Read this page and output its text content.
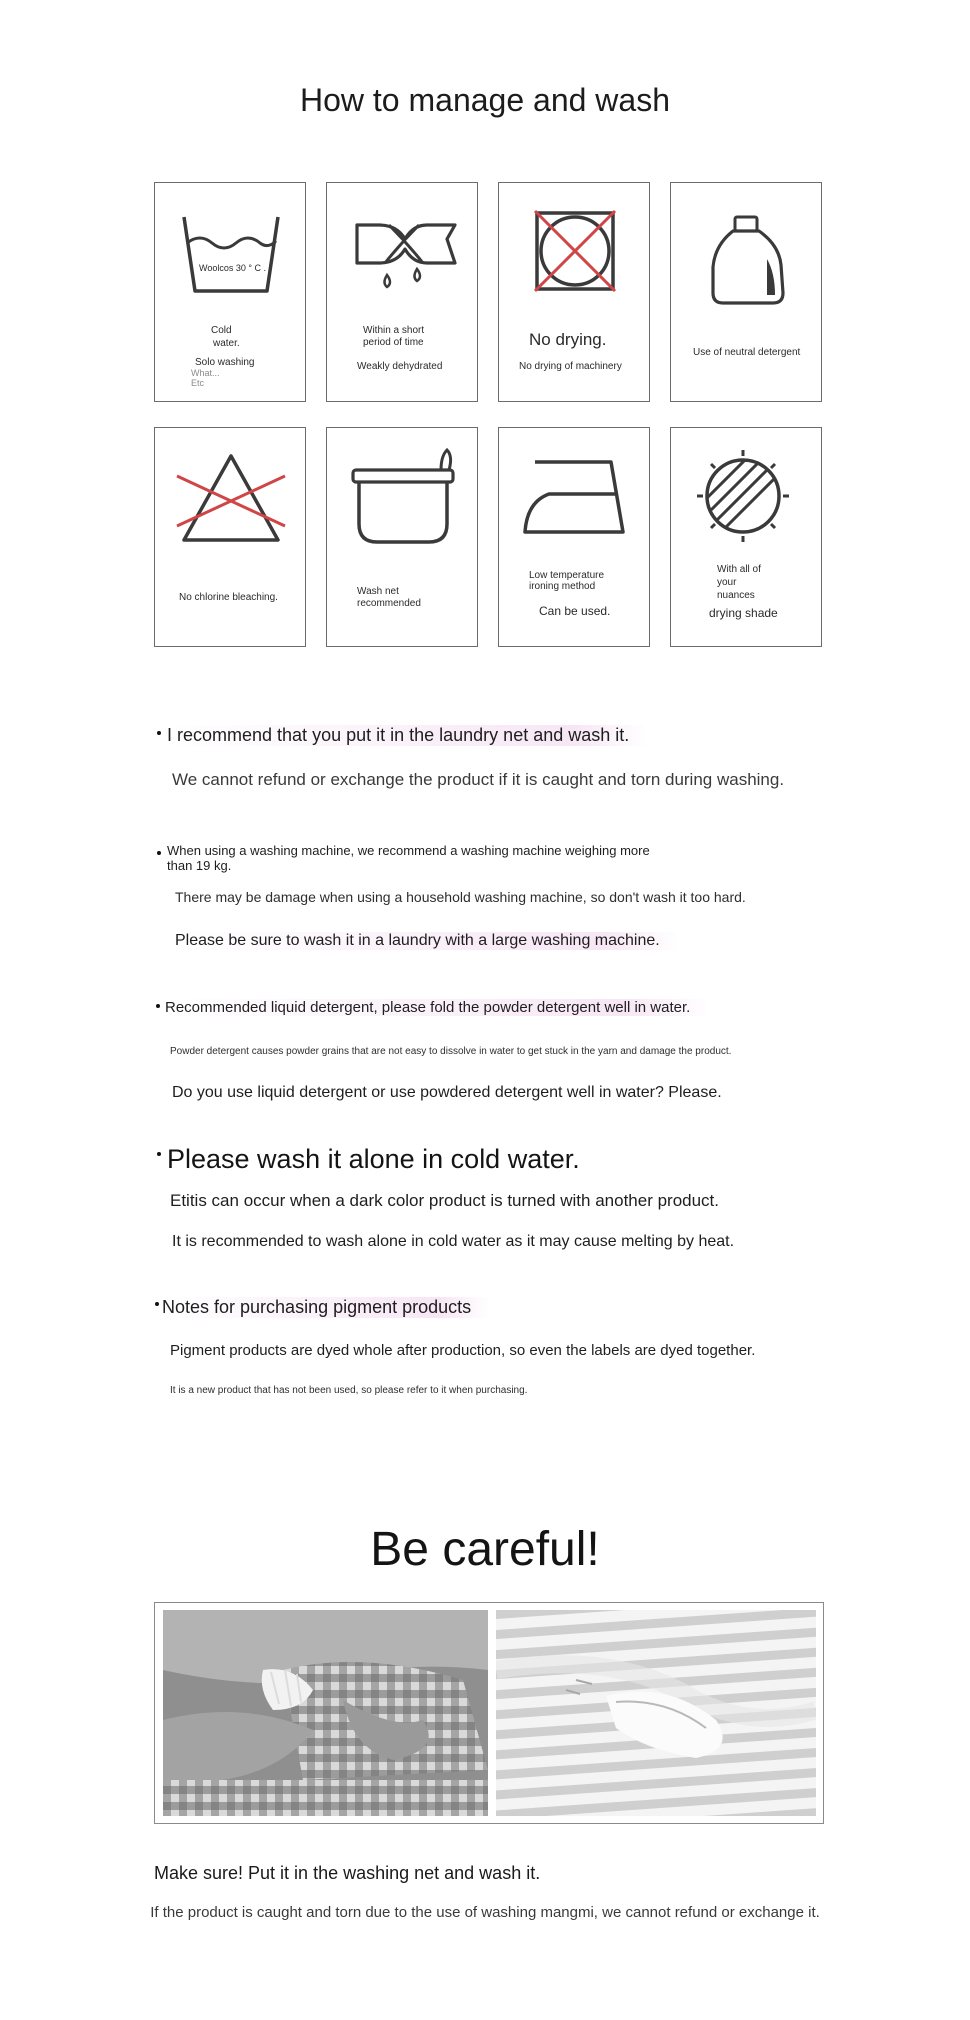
How to manage and wash
Woolcos 30 ° C .
Cold
water.
Solo washing
What...
Etc
Within a short
period of time
Weakly dehydrated
No drying.
No drying of machinery
Use of neutral detergent
No chlorine bleaching.
Wash net
recommended
Low temperature
ironing method
Can be used.
With all of
your
nuances
drying shade
I recommend that you put it in the laundry net and wash it.
We cannot refund or exchange the product if it is caught and torn during washing.
When using a washing machine, we recommend a washing machine weighing more
than 19 kg.
There may be damage when using a household washing machine, so don't wash it too hard.
Please be sure to wash it in a laundry with a large washing machine.
Recommended liquid detergent, please fold the powder detergent well in water.
Powder detergent causes powder grains that are not easy to dissolve in water to get stuck in the yarn and damage the product.
Do you use liquid detergent or use powdered detergent well in water? Please.
Please wash it alone in cold water.
Etitis can occur when a dark color product is turned with another product.
It is recommended to wash alone in cold water as it may cause melting by heat.
Notes for purchasing pigment products
Pigment products are dyed whole after production, so even the labels are dyed together.
It is a new product that has not been used, so please refer to it when purchasing.
Be careful!
Make sure! Put it in the washing net and wash it.
If the product is caught and torn due to the use of washing mangmi, we cannot refund or exchange it.
